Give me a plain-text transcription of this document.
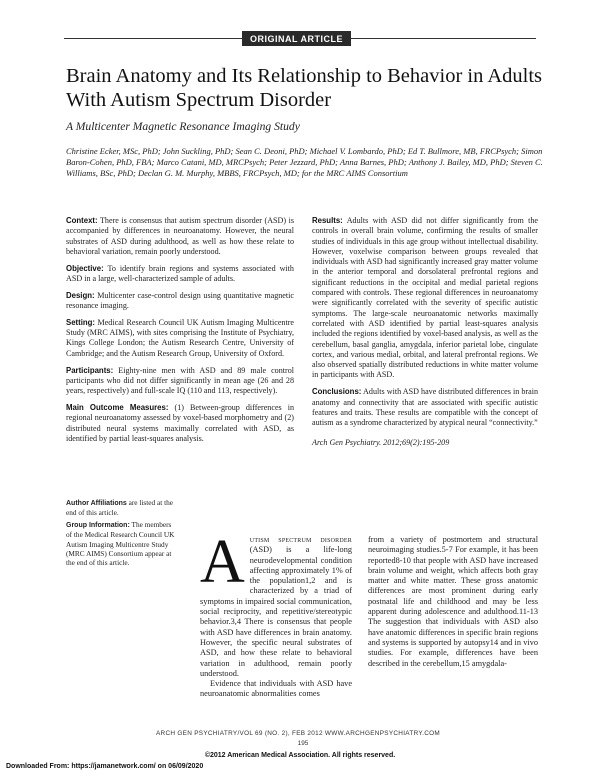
ORIGINAL ARTICLE
Brain Anatomy and Its Relationship to Behavior in Adults With Autism Spectrum Disorder
A Multicenter Magnetic Resonance Imaging Study
Christine Ecker, MSc, PhD; John Suckling, PhD; Sean C. Deoni, PhD; Michael V. Lombardo, PhD; Ed T. Bullmore, MB, FRCPsych; Simon Baron-Cohen, PhD, FBA; Marco Catani, MD, MRCPsych; Peter Jezzard, PhD; Anna Barnes, PhD; Anthony J. Bailey, MD, PhD; Steven C. Williams, BSc, PhD; Declan G. M. Murphy, MBBS, FRCPsych, MD; for the MRC AIMS Consortium

Context: There is consensus that autism spectrum disorder (ASD) is accompanied by differences in neuroanatomy. However, the neural substrates of ASD during adulthood, as well as how these relate to behavioral variation, remain poorly understood.

Objective: To identify brain regions and systems associated with ASD in a large, well-characterized sample of adults.

Design: Multicenter case-control design using quantitative magnetic resonance imaging.

Setting: Medical Research Council UK Autism Imaging Multicentre Study (MRC AIMS), with sites comprising the Institute of Psychiatry, Kings College London; the Autism Research Centre, University of Cambridge; and the Autism Research Group, University of Oxford.

Participants: Eighty-nine men with ASD and 89 male control participants who did not differ significantly in mean age (26 and 28 years, respectively) and full-scale IQ (110 and 113, respectively).

Main Outcome Measures: (1) Between-group differences in regional neuroanatomy assessed by voxel-based morphometry and (2) distributed neural systems maximally correlated with ASD, as identified by partial least-squares analysis.

Results: Adults with ASD did not differ significantly from the controls in overall brain volume, confirming the results of smaller studies of individuals in this age group without intellectual disability. However, voxelwise comparison between groups revealed that individuals with ASD had significantly increased gray matter volume in the anterior temporal and dorsolateral prefrontal regions and significant reductions in the occipital and medial parietal regions compared with controls. These regional differences in neuroanatomy were significantly correlated with the severity of specific autistic symptoms. The large-scale neuroanatomic networks maximally correlated with ASD identified by partial least-squares analysis included the regions identified by voxel-based analysis, as well as the cerebellum, basal ganglia, amygdala, inferior parietal lobe, cingulate cortex, and various medial, orbital, and lateral prefrontal regions. We also observed spatially distributed reductions in white matter volume in participants with ASD.

Conclusions: Adults with ASD have distributed differences in brain anatomy and connectivity that are associated with specific autistic features and traits. These results are compatible with the concept of autism as a syndrome characterized by atypical neural “connectivity.”

Arch Gen Psychiatry. 2012;69(2):195-209

Author Affiliations are listed at the end of this article.

Group Information: The members of the Medical Research Council UK Autism Imaging Multicentre Study (MRC AIMS) Consortium appear at the end of this article.	Autism spectrum disorder (ASD) is a life-long neurodevelopmental condition affecting approximately 1% of the population1,2 and is characterized by a triad of symptoms in impaired social communication, social reciprocity, and repetitive/stereotypic behavior.3,4 There is consensus that people with ASD have differences in brain anatomy. However, the specific neural substrates of ASD, and how these relate to behavioral variation in adulthood, remain poorly understood.

Evidence that individuals with ASD have neuroanatomic abnormalities comes

from a variety of postmortem and structural neuroimaging studies.5-7 For example, it has been reported8-10 that people with ASD have increased brain volume and weight, which affects both gray matter and white matter. These gross anatomic differences are most prominent during early postnatal life and childhood and may be less apparent during adolescence and adulthood.11-13 The suggestion that individuals with ASD also have anatomic differences in specific brain regions and systems is supported by autopsy14 and in vivo studies. For example, differences have been described in the cerebellum,15 amygdala-

ARCH GEN PSYCHIATRY/VOL 69 (NO. 2), FEB 2012 WWW.ARCHGENPSYCHIATRY.COM
195
©2012 American Medical Association. All rights reserved.
Downloaded From: https://jamanetwork.com/ on 06/09/2020
